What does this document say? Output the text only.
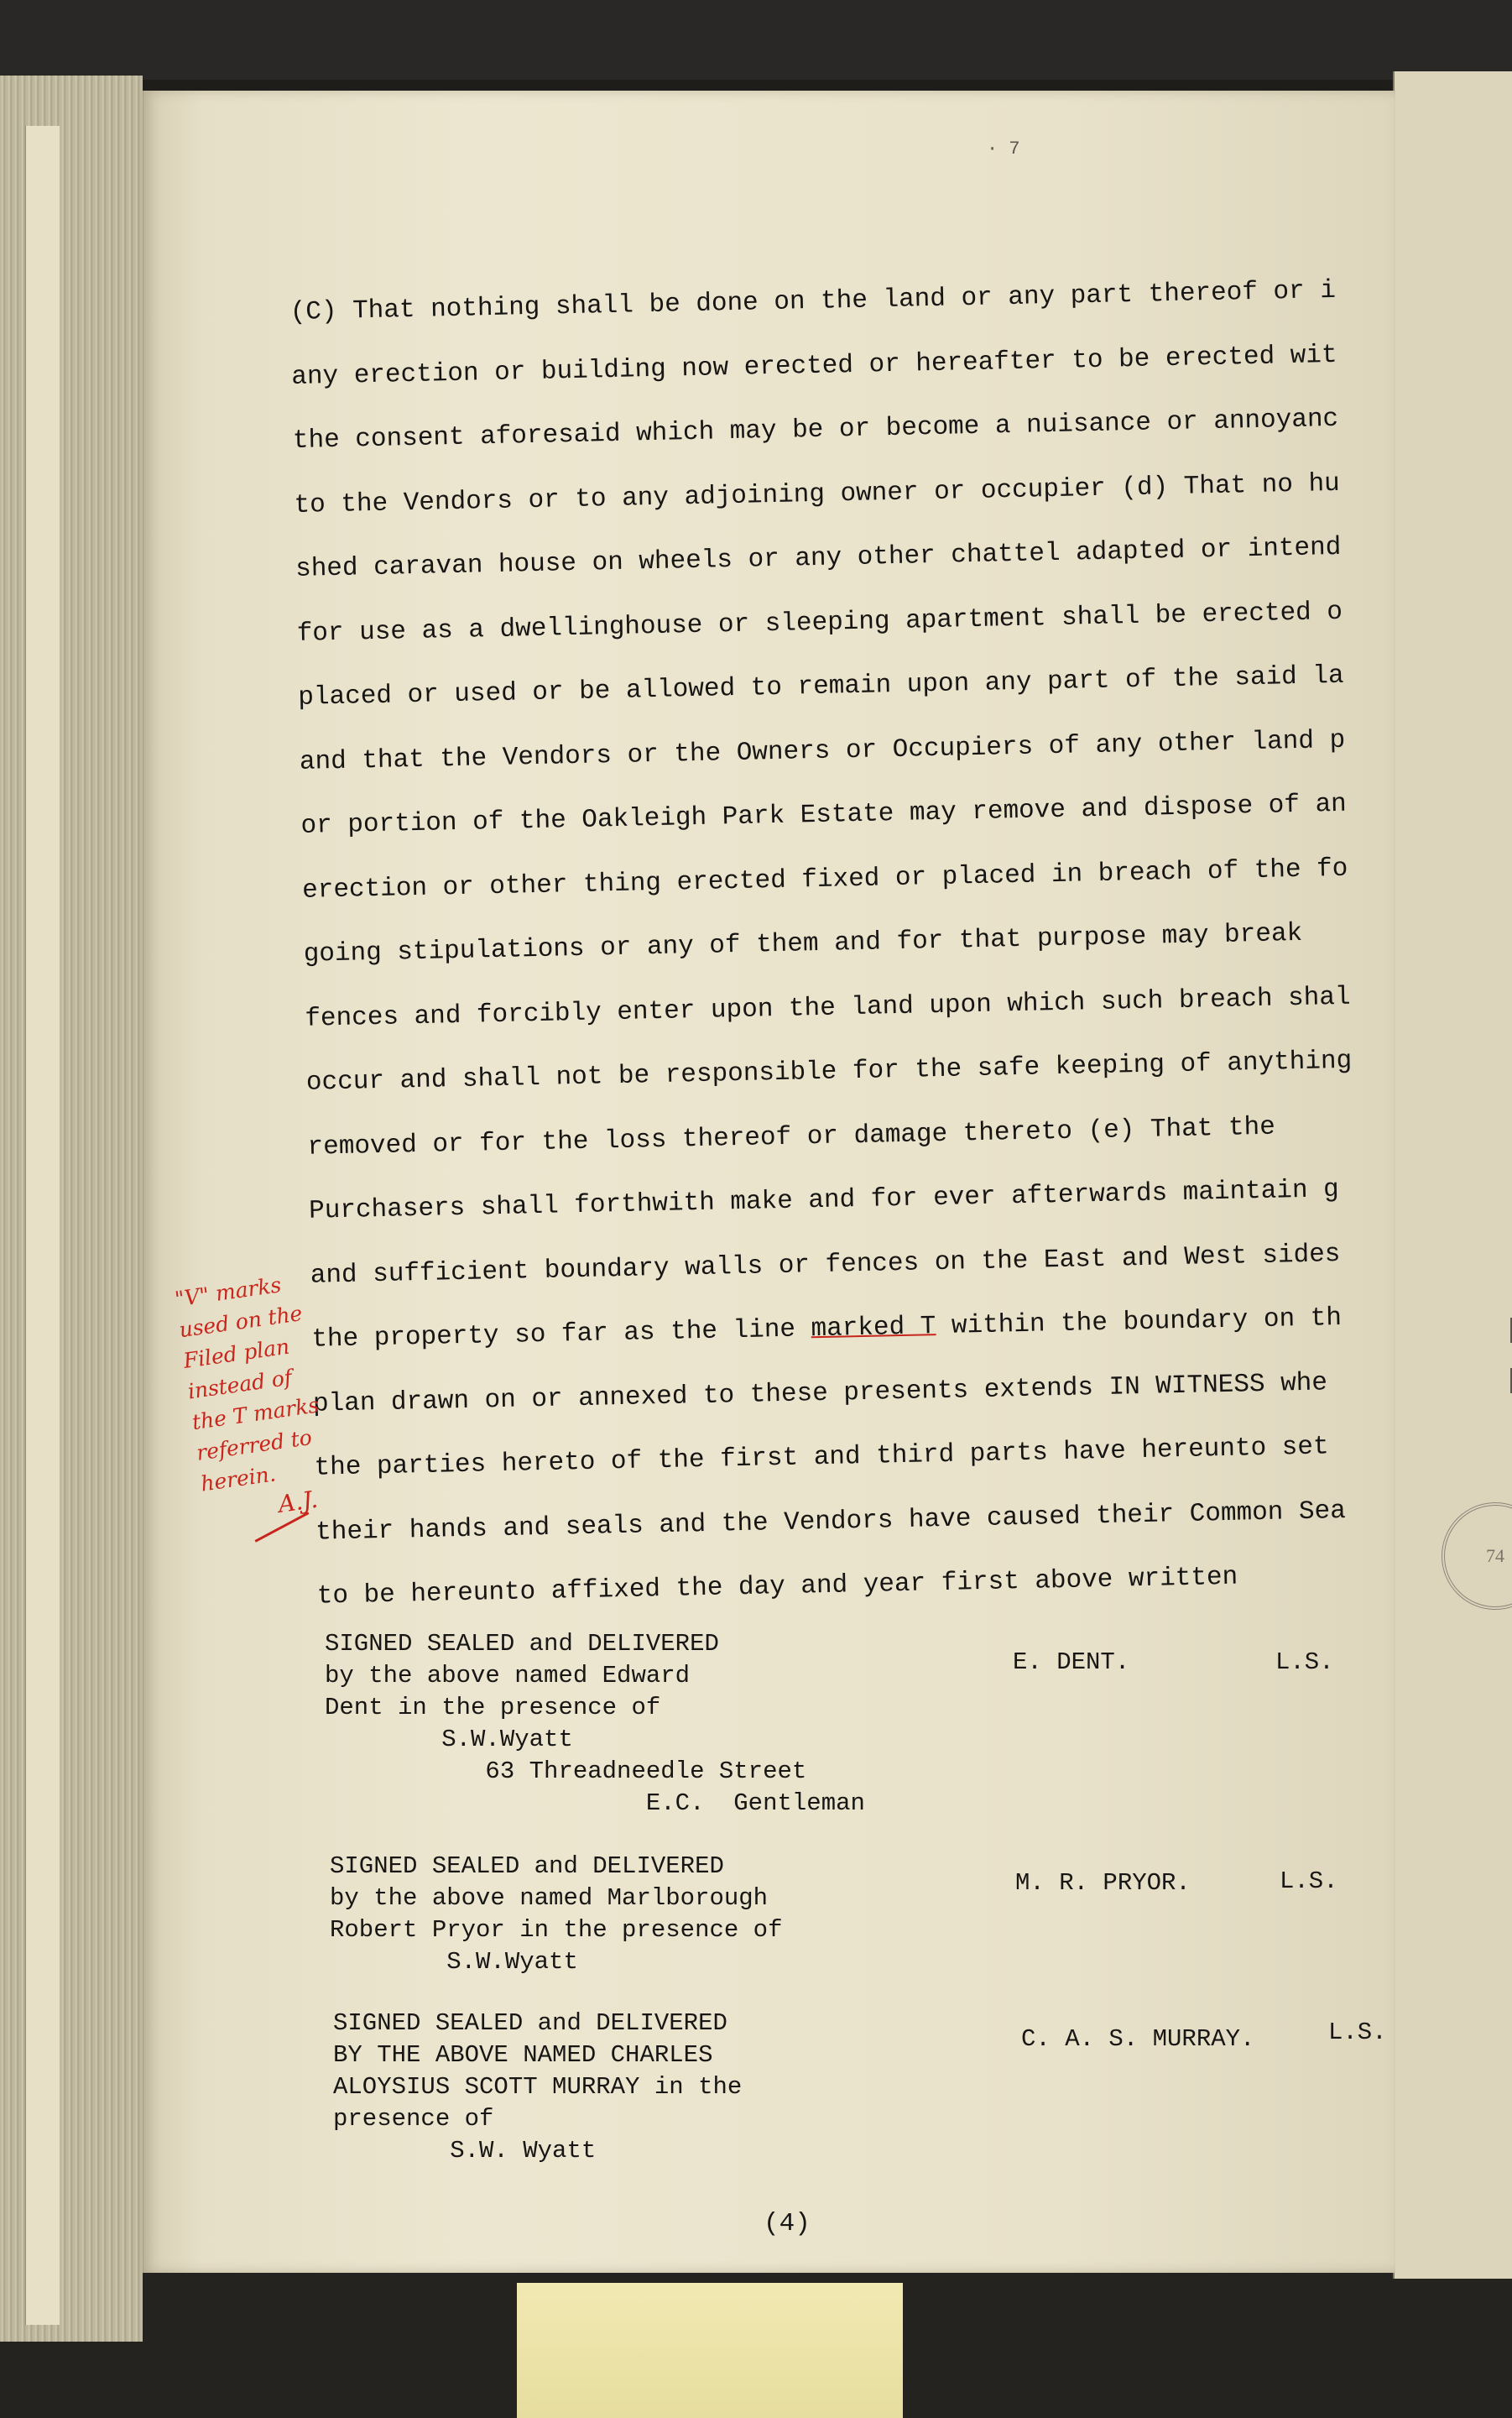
74
· 7
(C) That nothing shall be done on the land or any part thereof or i
any erection or building now erected or hereafter to be erected wit
the consent aforesaid which may be or become a nuisance or annoyanc
to the Vendors or to any adjoining owner or occupier (d) That no hu
shed caravan house on wheels or any other chattel adapted or intend
for use as a dwellinghouse or sleeping apartment shall be erected o
placed or used or be allowed to remain upon any part of the said la
and that the Vendors or the Owners or Occupiers of any other land p
or portion of the Oakleigh Park Estate may remove and dispose of an
erection or other thing erected fixed or placed in breach of the fo
going stipulations or any of them and for that purpose may break
fences and forcibly enter upon the land upon which such breach shal
occur and shall not be responsible for the safe keeping of anything
removed or for the loss thereof or damage thereto (e) That the
Purchasers shall forthwith make and for ever afterwards maintain g
and sufficient boundary walls or fences on the East and West sides
the property so far as the line marked T within the boundary on th
plan drawn on or annexed to these presents extends IN WITNESS whe
the parties hereto of the first and third parts have hereunto set
their hands and seals and the Vendors have caused their Common Sea
to be hereunto affixed the day and year first above written
"V" marks
used on the
Filed plan
instead of
the T marks
referred to
herein.
A.J.
SIGNED SEALED and DELIVERED
by the above named Edward
Dent in the presence of
S.W.Wyatt
63 Threadneedle Street
E.C.  Gentleman
E. DENT.	L.S.
SIGNED SEALED and DELIVERED
by the above named Marlborough
Robert Pryor in the presence of
S.W.Wyatt
M. R. PRYOR.	L.S.
SIGNED SEALED and DELIVERED
BY THE ABOVE NAMED CHARLES
ALOYSIUS SCOTT MURRAY in the
presence of
S.W. Wyatt
C. A. S. MURRAY.	L.S.
(4)
